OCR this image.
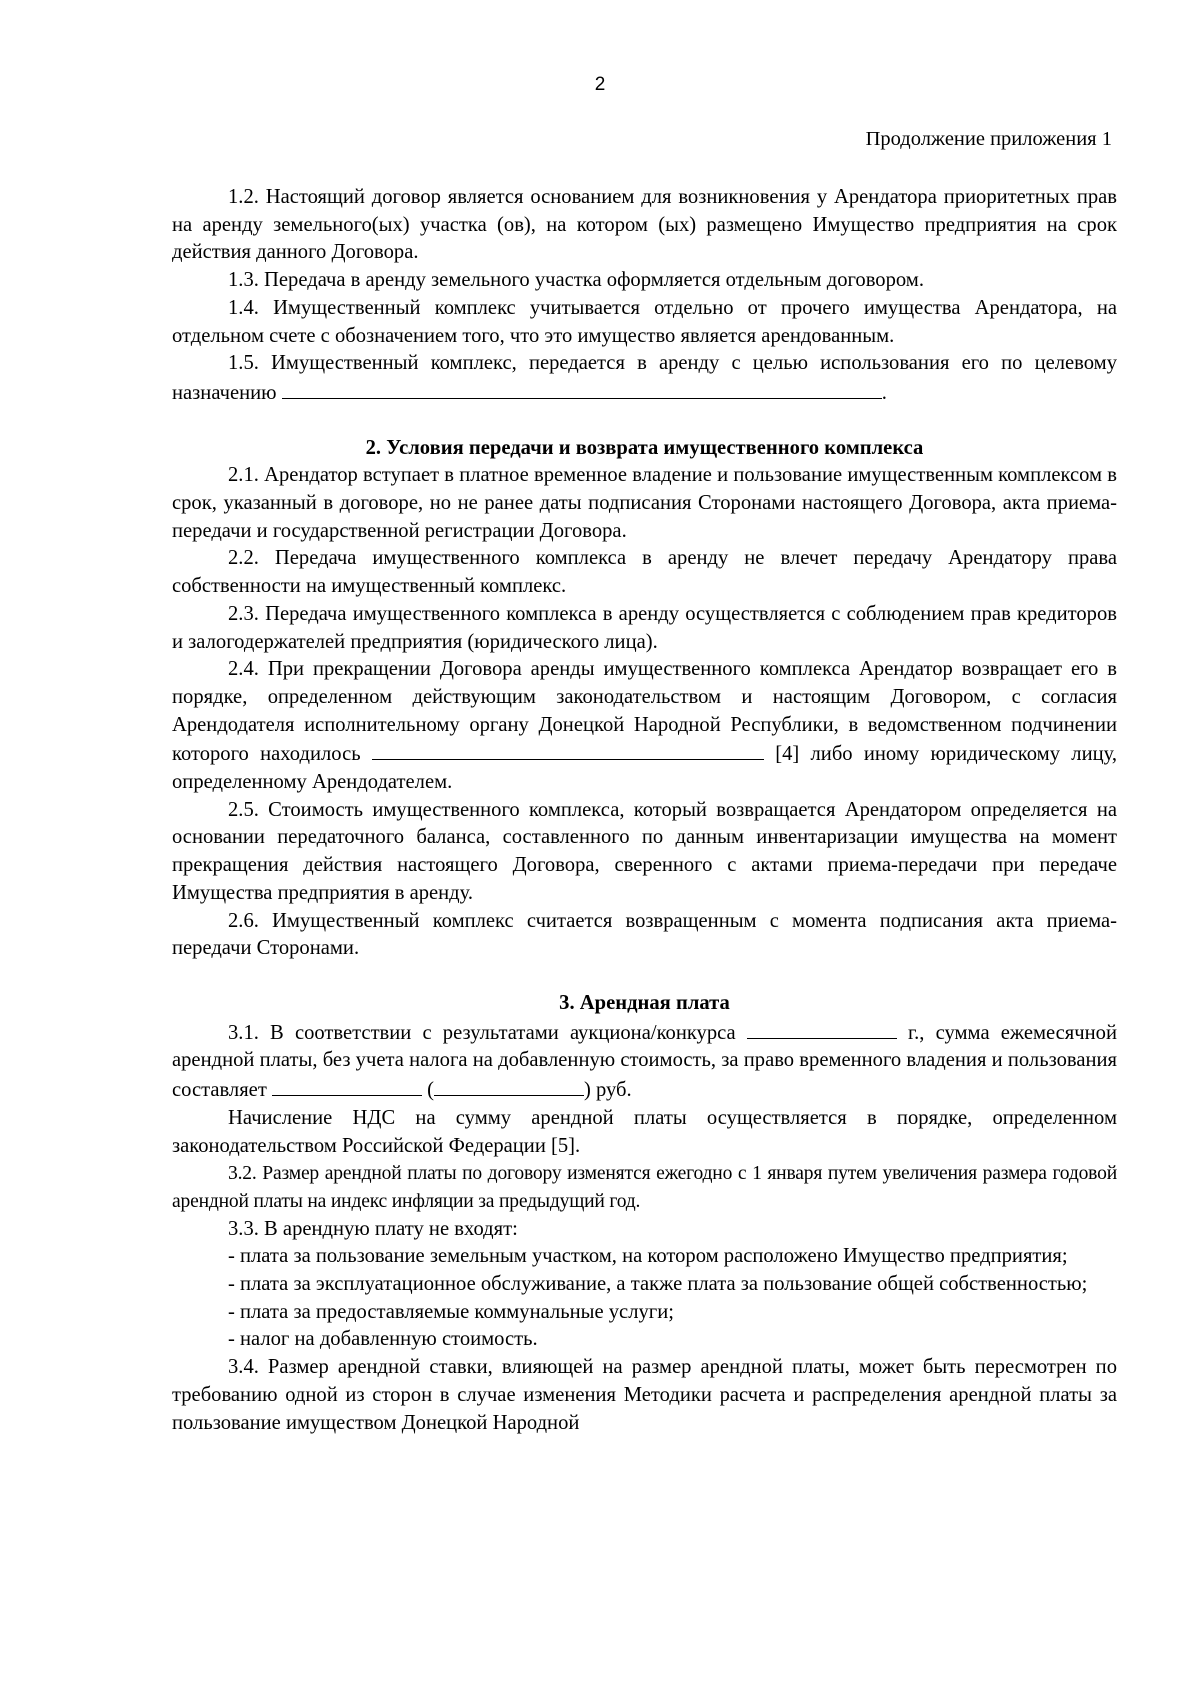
2
Продолжение приложения 1

1.2. Настоящий договор является основанием для возникновения у Арендатора приоритетных прав на аренду земельного(ых) участка (ов), на котором (ых) размещено Имущество предприятия на срок действия данного Договора.

1.3. Передача в аренду земельного участка оформляется отдельным договором.

1.4. Имущественный комплекс учитывается отдельно от прочего имущества Арендатора, на отдельном счете с обозначением того, что это имущество является арендованным.

1.5. Имущественный комплекс, передается в аренду с целью использования его по целевому назначению	.

2. Условия передачи и возврата имущественного комплекса

2.1. Арендатор вступает в платное временное владение и пользование имущественным комплексом в срок, указанный в договоре, но не ранее даты подписания Сторонами настоящего Договора, акта приема-передачи и государственной регистрации Договора.

2.2. Передача имущественного комплекса в аренду не влечет передачу Арендатору права собственности на имущественный комплекс.

2.3. Передача имущественного комплекса в аренду осуществляется с соблюдением прав кредиторов и залогодержателей предприятия (юридического лица).

2.4. При прекращении Договора аренды имущественного комплекса Арендатор возвращает его в порядке, определенном действующим законодательством и настоящим Договором, с согласия Арендодателя исполнительному органу Донецкой Народной Республики, в ведомственном подчинении которого находилось	[4] либо иному юридическому лицу, определенному Арендодателем.

2.5. Стоимость имущественного комплекса, который возвращается Арендатором определяется на основании передаточного баланса, составленного по данным инвентаризации имущества на момент прекращения действия настоящего Договора, сверенного с актами приема-передачи при передаче Имущества предприятия в аренду.

2.6. Имущественный комплекс считается возвращенным с момента подписания акта приема-передачи Сторонами.

3. Арендная плата

3.1. В соответствии с результатами аукциона/конкурса	г., сумма ежемесячной арендной платы, без учета налога на добавленную стоимость, за право временного владения и пользования составляет	(	) руб.

Начисление НДС на сумму арендной платы осуществляется в порядке, определенном законодательством Российской Федерации [5].

3.2. Размер арендной платы по договору изменятся ежегодно с 1 января путем увеличения размера годовой арендной платы на индекс инфляции за предыдущий год.

3.3. В арендную плату не входят:

- плата за пользование земельным участком, на котором расположено Имущество предприятия;

- плата за эксплуатационное обслуживание, а также плата за пользование общей собственностью;

- плата за предоставляемые коммунальные услуги;

- налог на добавленную стоимость.

3.4. Размер арендной ставки, влияющей на размер арендной платы, может быть пересмотрен по требованию одной из сторон в случае изменения Методики расчета и распределения арендной платы за пользование имуществом Донецкой Народной
